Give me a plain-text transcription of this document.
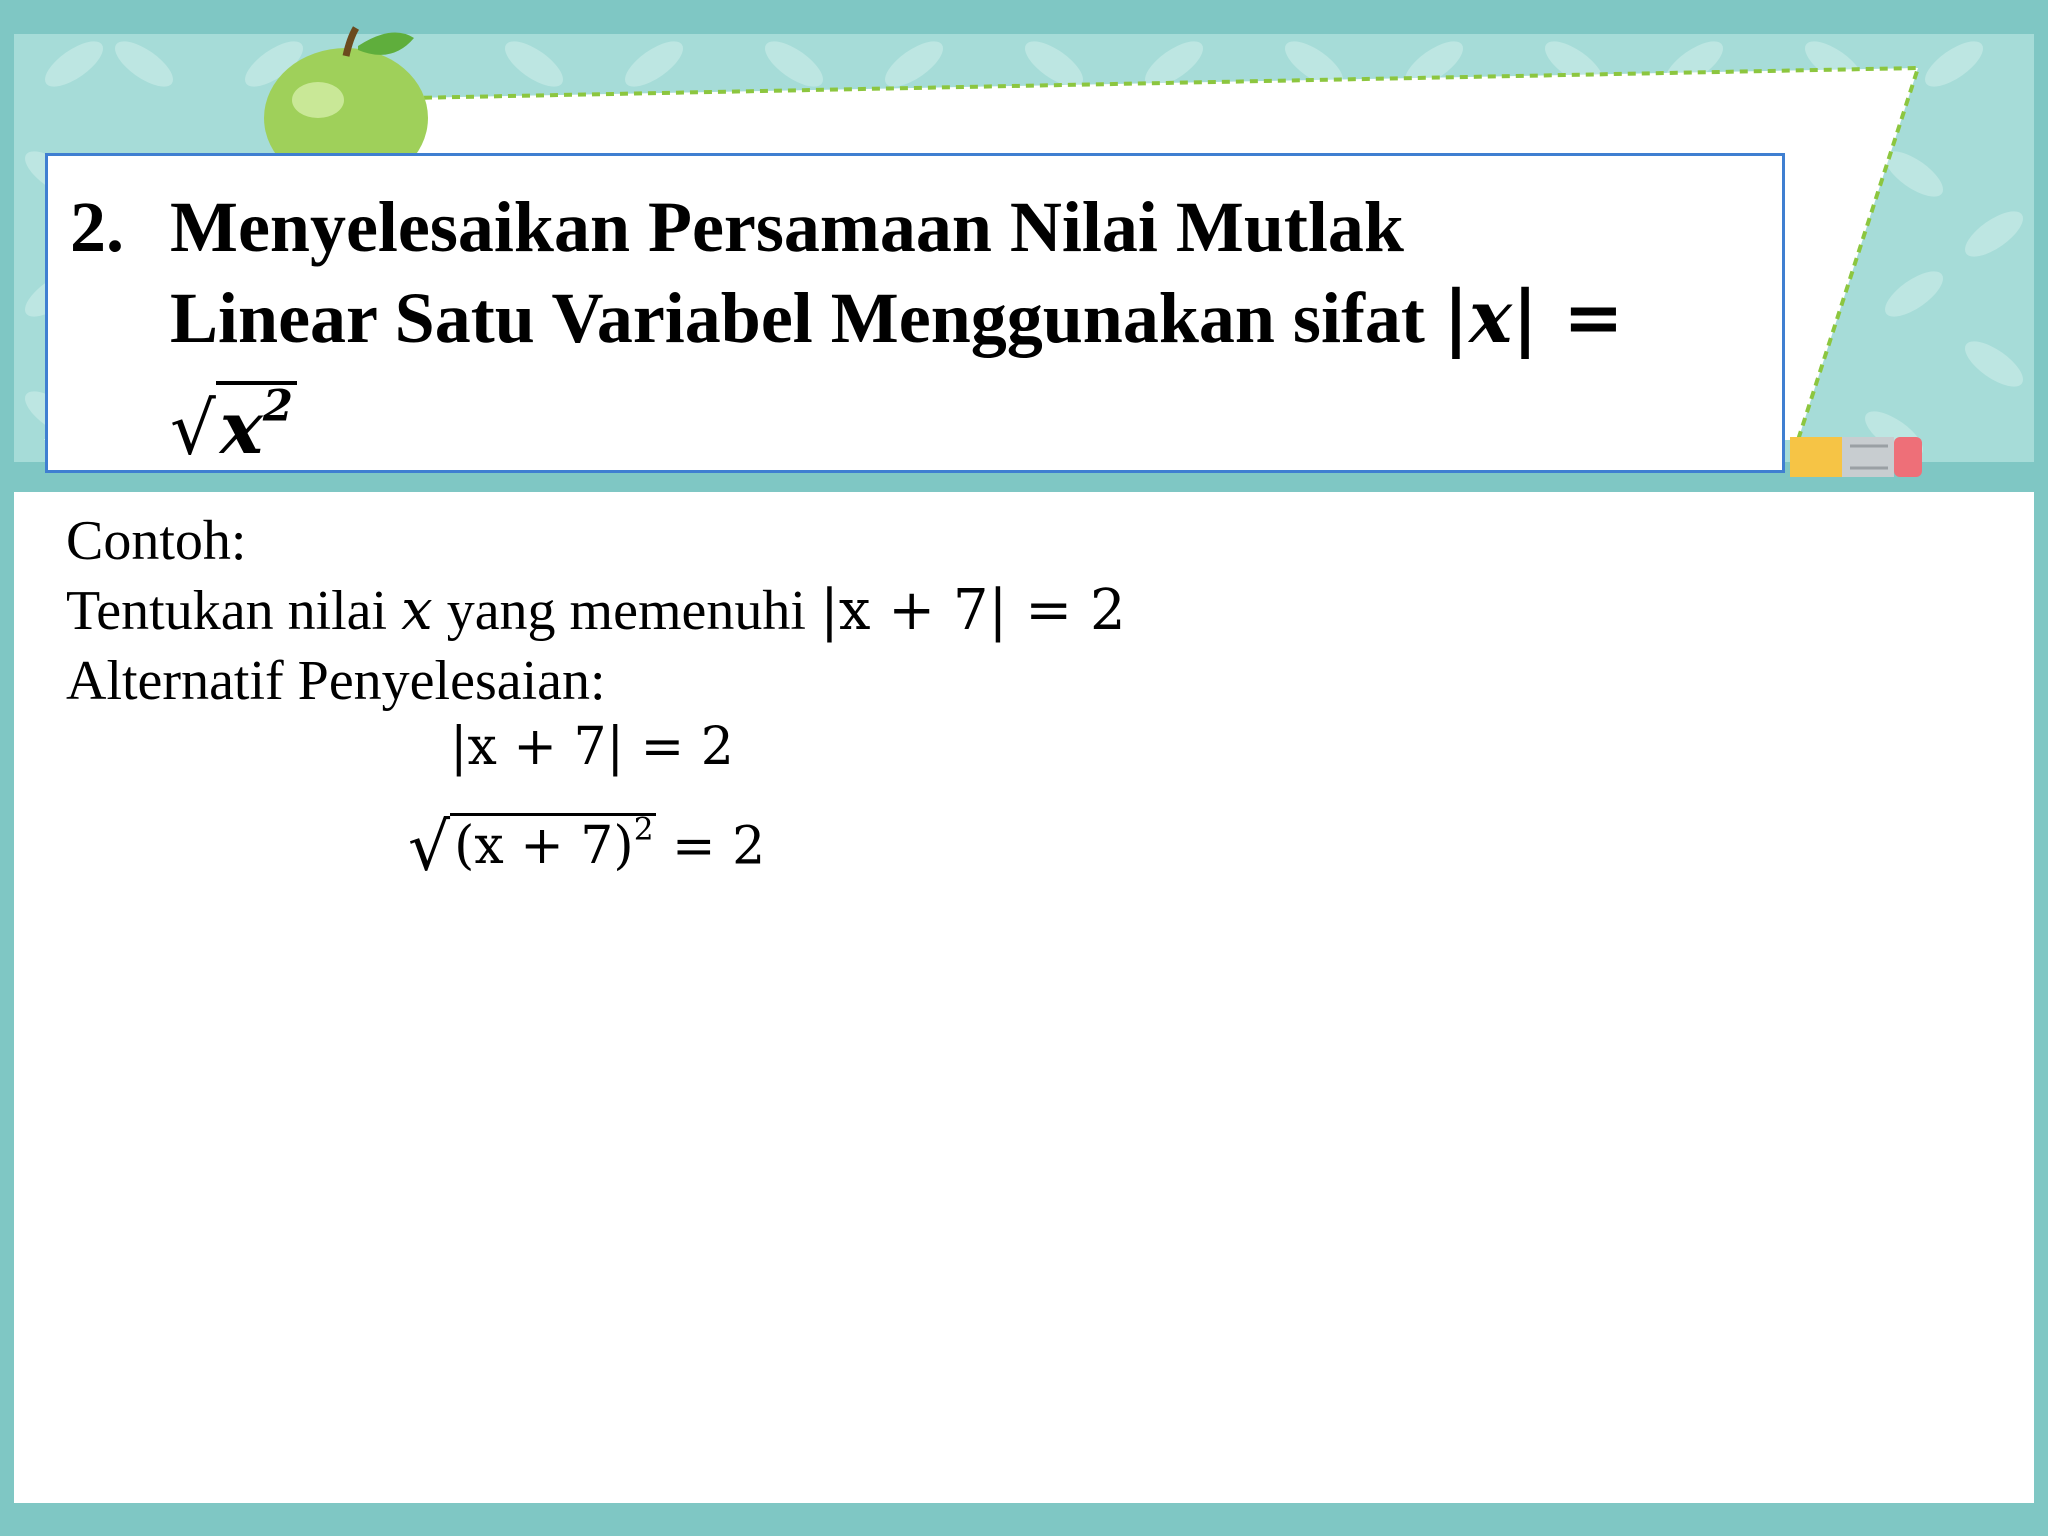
2. Menyelesaikan Persamaan Nilai Mutlak
Linear Satu Variabel Menggunakan sifat |x| =
$√x^2$
Contoh:
Tentukan nilai x yang memenuhi |x + 7| = 2
Alternatif Penyelesaian:
|x + 7| = 2
$√(x + 7)^2 = 2$
